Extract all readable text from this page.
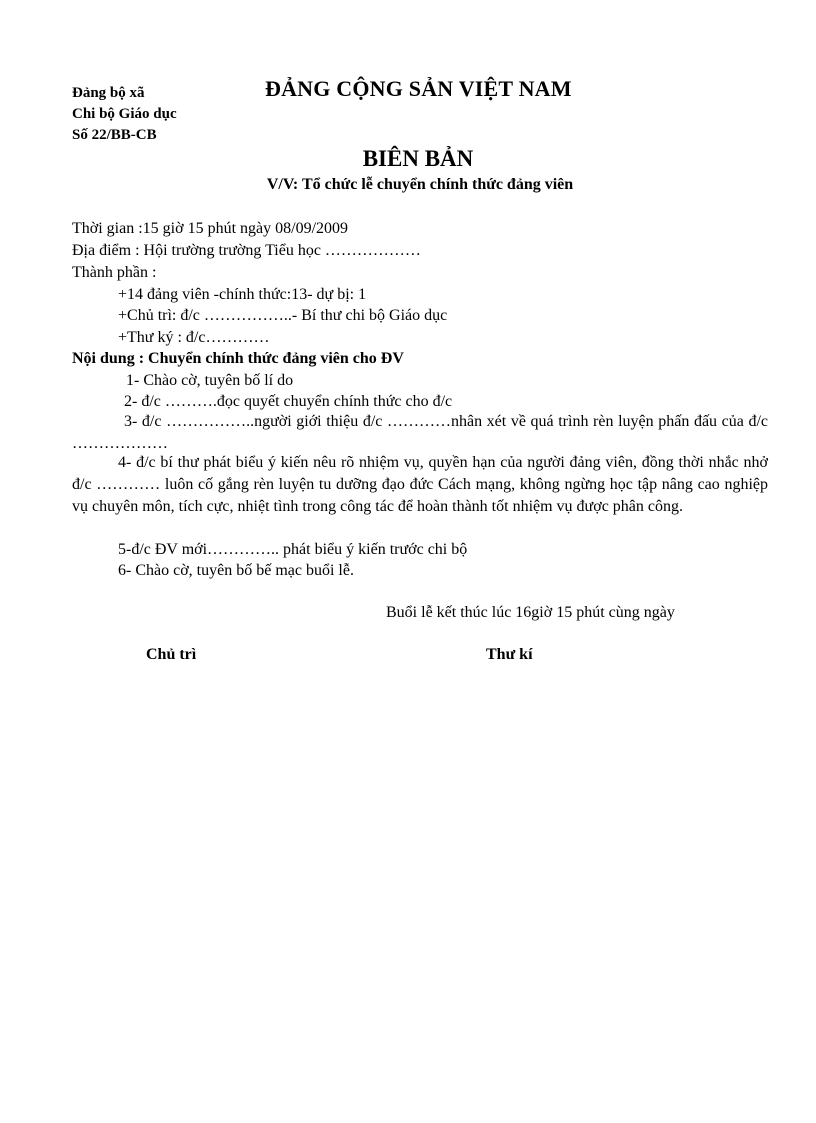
Đảng bộ xã
Chi bộ Giáo dục
Số 22/BB-CB
ĐẢNG CỘNG SẢN VIỆT NAM
BIÊN BẢN
V/V: Tổ chức lễ chuyển chính thức đảng viên
Thời gian :15 giờ 15 phút ngày 08/09/2009
Địa điểm : Hội trường trường Tiểu học ………………
Thành phần :
+14 đảng viên -chính thức:13- dự bị: 1
+Chủ trì: đ/c ……………..- Bí thư chi bộ Giáo dục
+Thư ký : đ/c…………
Nội dung : Chuyển chính thức đảng viên cho ĐV
1- Chào cờ, tuyên bố lí do
2- đ/c ……….đọc quyết chuyển chính thức cho đ/c
3- đ/c ……………..người giới thiệu đ/c …………nhân xét về quá trình rèn luyện phấn đấu của đ/c ………………
4- đ/c bí thư phát biểu ý kiến nêu rõ nhiệm vụ, quyền hạn của người đảng viên, đồng thời nhắc nhở đ/c ………… luôn cố gắng rèn luyện tu dưỡng đạo đức Cách mạng, không ngừng học tập nâng cao nghiệp vụ chuyên môn, tích cực, nhiệt tình trong công tác để hoàn thành tốt nhiệm vụ được phân công.
5-đ/c ĐV mới………….. phát biểu ý kiến trước chi bộ
6- Chào cờ, tuyên bố bế mạc buổi lễ.
Buổi lễ kết thúc lúc 16giờ 15 phút cùng ngày
Chủ trì	Thư kí
